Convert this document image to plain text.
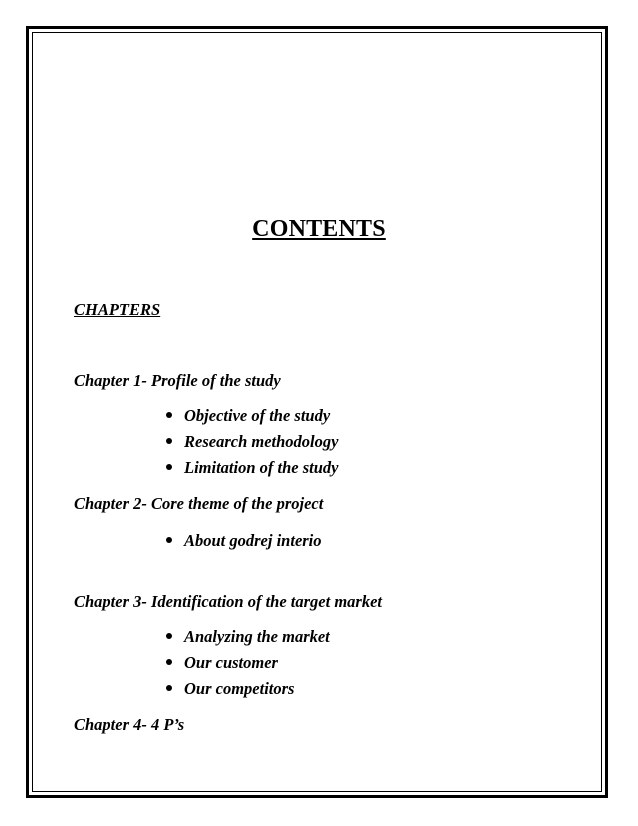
CONTENTS
CHAPTERS
Chapter 1- Profile of the study
Objective of the study
Research methodology
Limitation of the study
Chapter 2- Core theme of the project
About godrej interio
Chapter 3- Identification of the target market
Analyzing the market
Our customer
Our competitors
Chapter 4- 4 P’s
